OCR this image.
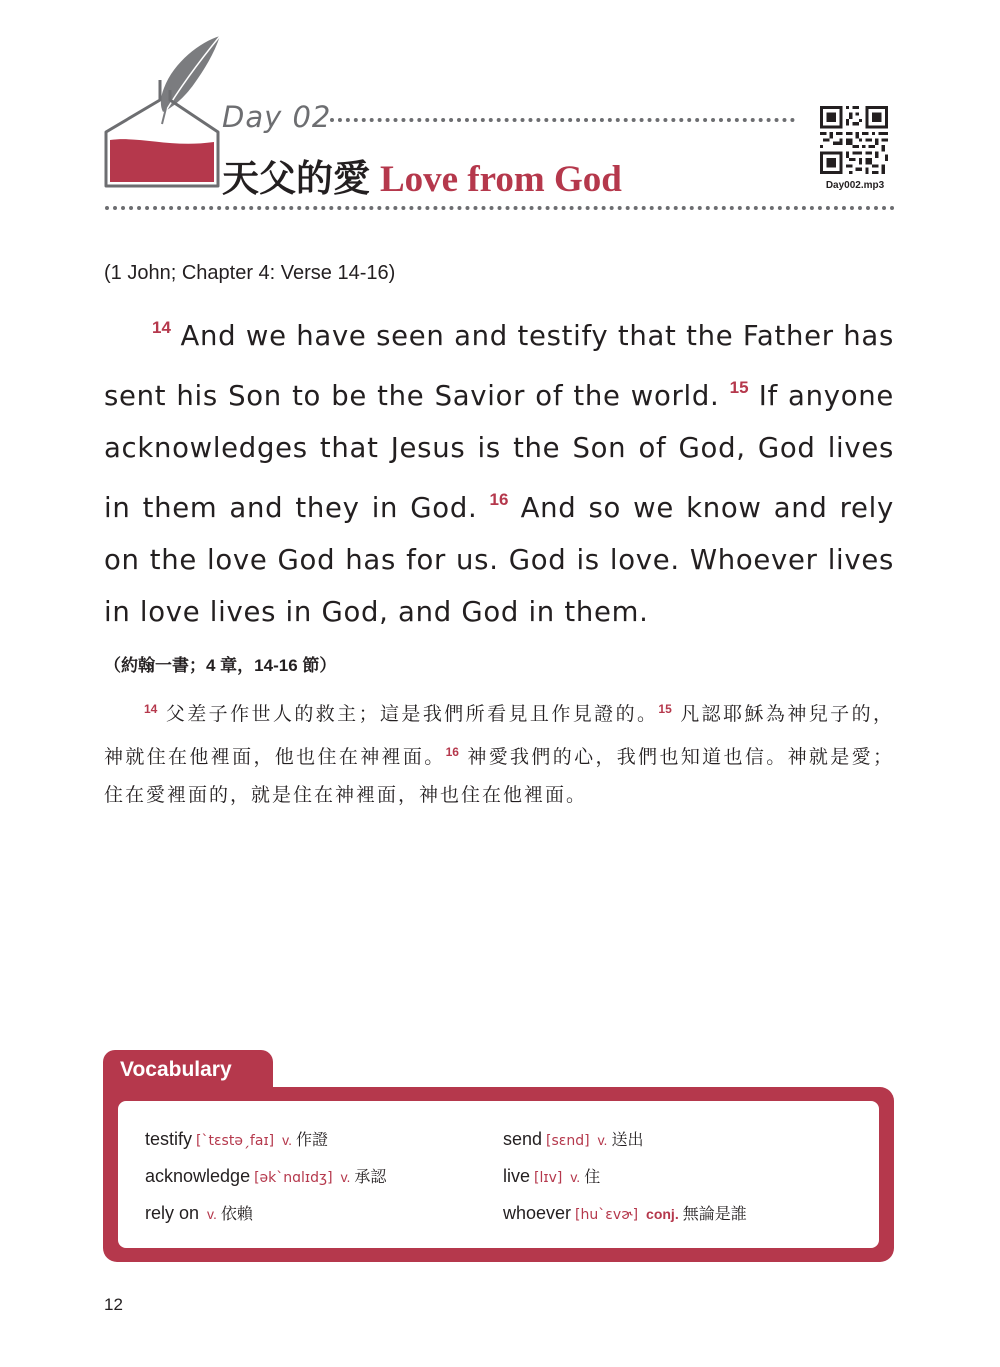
Day 02
天父的愛 Love from God	Day002.mp3
(1 John; Chapter 4: Verse 14-16)
$^{14}$ And we have seen and testify that the Father has sent his Son to be the Savior of the world. $^{15}$ If anyone acknowledges that Jesus is the Son of God, God lives in them and they in God. $^{16}$ And so we know and rely on the love God has for us. God is love. Whoever lives in love lives in God, and God in them.
（約翰一書；4 章，14-16 節）
$^{14}$ 父差子作世人的救主；這是我們所看見且作見證的。$^{15}$ 凡認耶穌為神兒子的，神就住在他裡面，他也住在神裡面。$^{16}$ 神愛我們的心，我們也知道也信。神就是愛；住在愛裡面的，就是住在神裡面，神也住在他裡面。
testify [ˋtɛstəˏfaɪ] v. 作證
acknowledge [əkˋnɑlɪdʒ] v. 承認
rely on v. 依賴
send [sɛnd] v. 送出
live [lɪv] v. 住
whoever [huˋɛvɚ] conj. 無論是誰
Vocabulary
12
